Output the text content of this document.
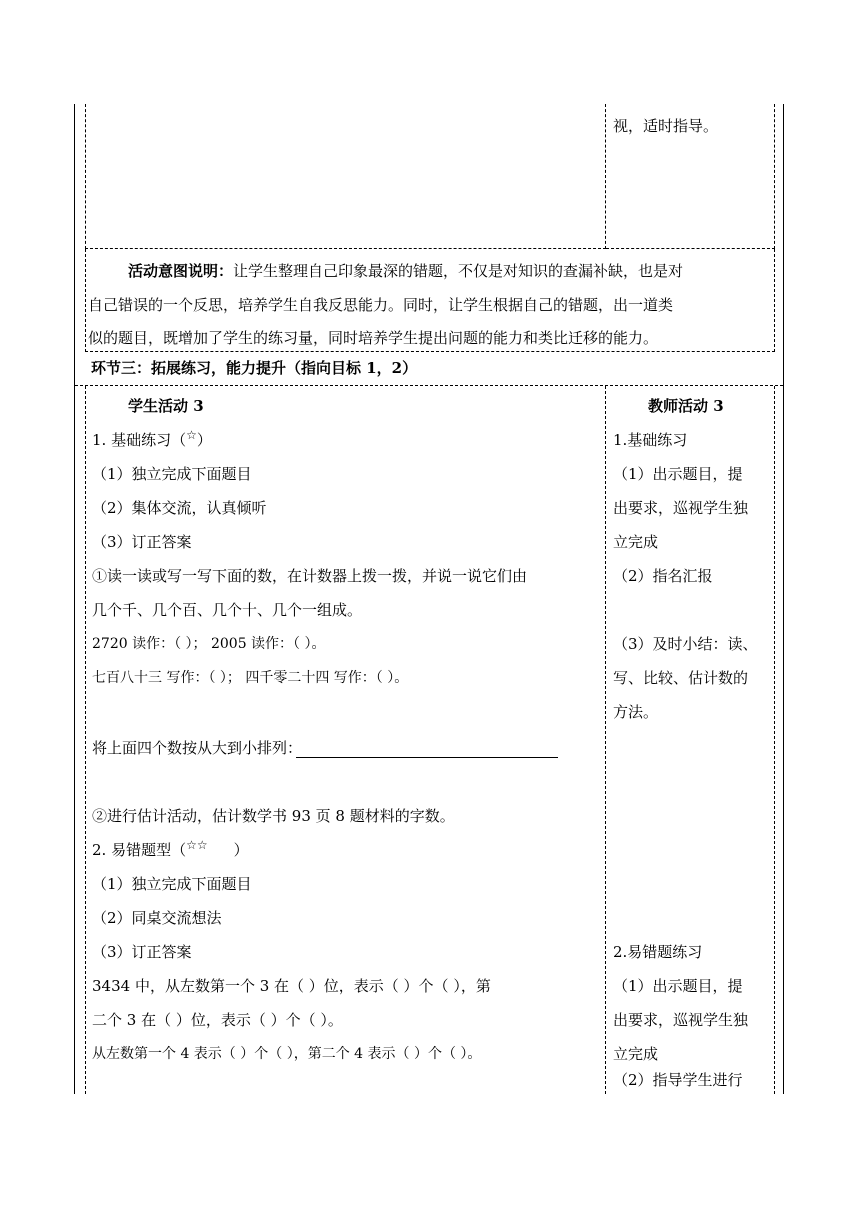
视，适时指导。
活动意图说明：让学生整理自己印象最深的错题，不仅是对知识的查漏补缺，也是对
自己错误的一个反思，培养学生自我反思能力。同时，让学生根据自己的错题，出一道类
似的题目，既增加了学生的练习量，同时培养学生提出问题的能力和类比迁移的能力。
环节三：拓展练习，能力提升（指向目标 1，2）
学生活动 3
1. 基础练习（☆）
（1）独立完成下面题目
（2）集体交流，认真倾听
（3）订正答案
①读一读或写一写下面的数，在计数器上拨一拨，并说一说它们由
几个千、几个百、几个十、几个一组成。
2720 读作：（ ）； 2005 读作：（ ）。
七百八十三 写作：（ ）； 四千零二十四 写作：（ ）。
将上面四个数按从大到小排列：
②进行估计活动，估计数学书 93 页 8 题材料的字数。
2. 易错题型（☆☆ ）
（1）独立完成下面题目
（2）同桌交流想法
（3）订正答案
3434 中，从左数第一个 3 在（ ）位，表示（ ）个（ ），第
二个 3 在（ ）位，表示（ ）个（ ）。
从左数第一个 4 表示（ ）个（ ），第二个 4 表示（ ）个（ ）。
教师活动 3
1.基础练习
（1）出示题目，提
出要求，巡视学生独
立完成
（2）指名汇报
（3）及时小结：读、
写、比较、估计数的
方法。
2.易错题练习
（1）出示题目，提
出要求，巡视学生独
立完成
（2）指导学生进行
